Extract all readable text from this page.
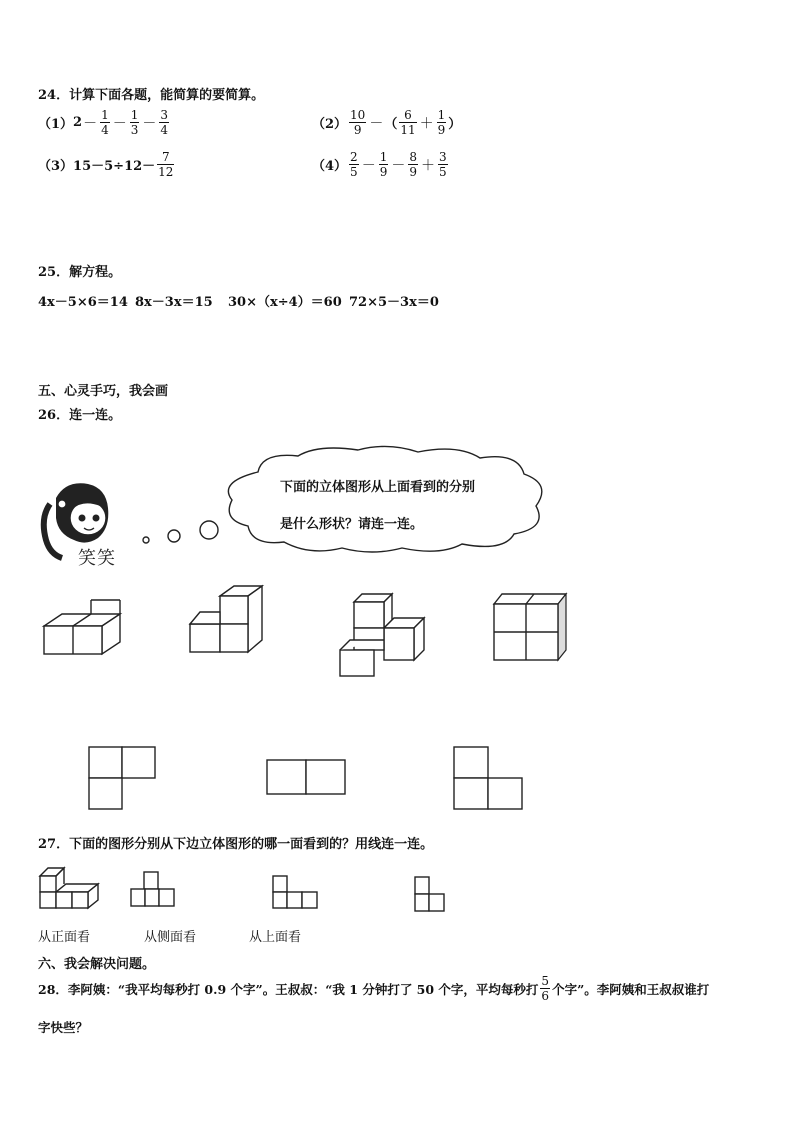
24．计算下面各题，能简算的要简算。
（1） $2 - \frac{1}{4} - \frac{1}{3} - \frac{3}{4}$	$(2) \frac{10}{9}$ － （ $\frac{6}{11} + \frac{1}{9}$ ）
（3） $15-5\div 12- \frac{7}{12}$	$(4) \frac{2}{5} - \frac{1}{9} - \frac{8}{9} + \frac{3}{5}$
25．解方程。
4x－5×6＝14 8x－3x＝15 30×（x÷4）＝60 72×5－3x＝0
五、心灵手巧，我会画
26．连一连。
笑笑
下面的立体图形从上面看到的分别
是什么形状？请连一连。
27．下面的图形分别从下边立体图形的哪一面看到的？用线连一连。
从正面看	从侧面看	从上面看
六、我会解决问题。
28．李阿姨：“我平均每秒打 0.9 个字”。王叔叔：“我 1 分钟打了 50 个字，平均每秒打 $\frac{5}{6}$ 个字”。李阿姨和王叔叔谁打
字快些？
